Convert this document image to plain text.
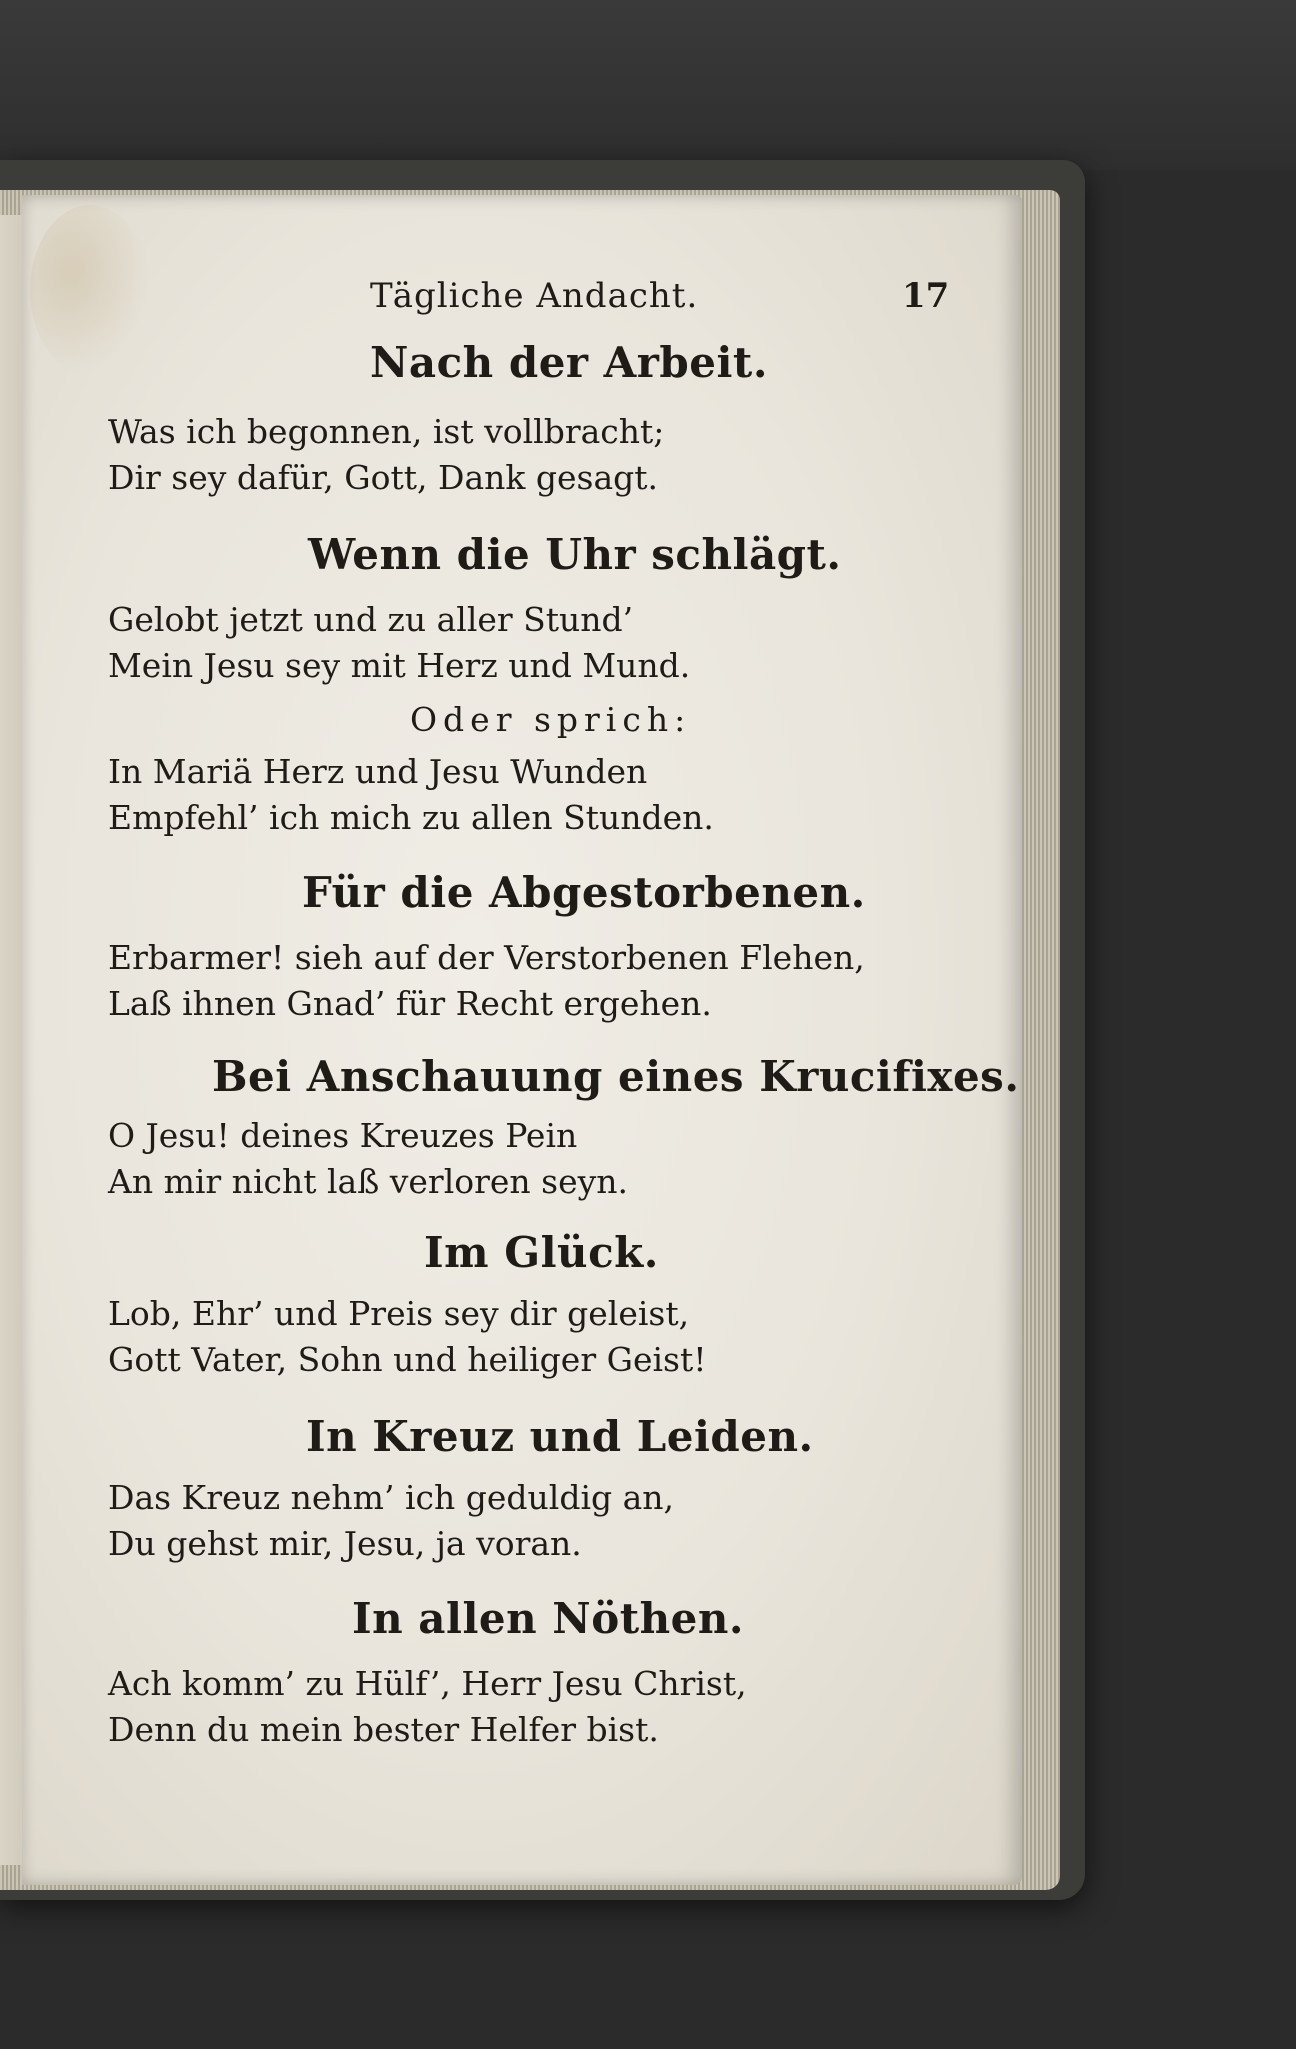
Tägliche Andacht.	17
Nach der Arbeit.
Was ich begonnen, ist vollbracht;
Dir sey dafür, Gott, Dank gesagt.
Wenn die Uhr schlägt.
Gelobt jetzt und zu aller Stund’
Mein Jesu sey mit Herz und Mund.
Oder sprich:
In Mariä Herz und Jesu Wunden
Empfehl’ ich mich zu allen Stunden.
Für die Abgestorbenen.
Erbarmer! sieh auf der Verstorbenen Flehen,
Laß ihnen Gnad’ für Recht ergehen.
Bei Anschauung eines Krucifixes.
O Jesu! deines Kreuzes Pein
An mir nicht laß verloren seyn.
Im Glück.
Lob, Ehr’ und Preis sey dir geleist,
Gott Vater, Sohn und heiliger Geist!
In Kreuz und Leiden.
Das Kreuz nehm’ ich geduldig an,
Du gehst mir, Jesu, ja voran.
In allen Nöthen.
Ach komm’ zu Hülf’, Herr Jesu Christ,
Denn du mein bester Helfer bist.
